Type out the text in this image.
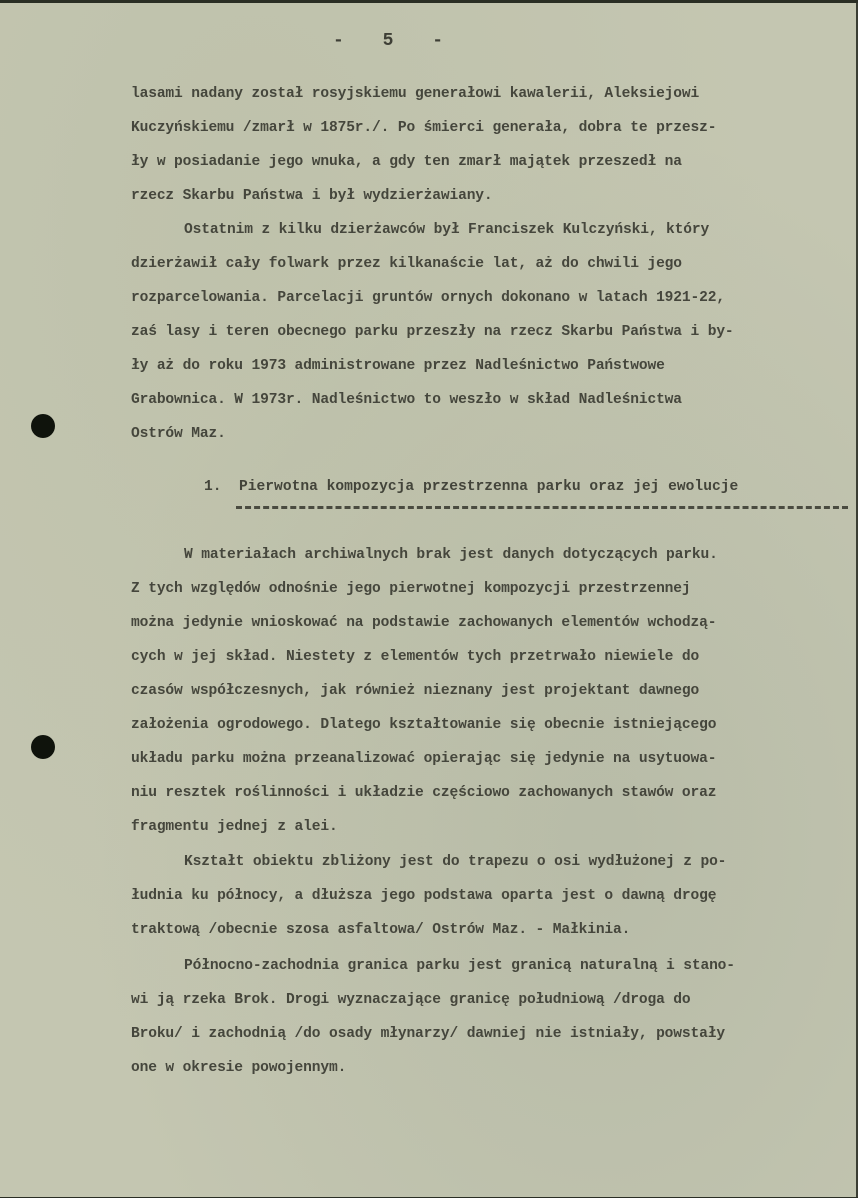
- 5 -
lasami nadany został rosyjskiemu generałowi kawalerii, Aleksiejowi
Kuczyńskiemu /zmarł w 1875r./. Po śmierci generała, dobra te przesz-
ły w posiadanie jego wnuka, a gdy ten zmarł majątek przeszedł na
rzecz Skarbu Państwa i był wydzierżawiany.
Ostatnim z kilku dzierżawców był Franciszek Kulczyński, który
dzierżawił cały folwark przez kilkanaście lat, aż do chwili jego
rozparcelowania. Parcelacji gruntów ornych dokonano w latach 1921-22,
zaś lasy i teren obecnego parku przeszły na rzecz Skarbu Państwa i by-
ły aż do roku 1973 administrowane przez Nadleśnictwo Państwowe
Grabownica. W 1973r. Nadleśnictwo to weszło w skład Nadleśnictwa
Ostrów Maz.
1.  Pierwotna kompozycja przestrzenna parku oraz jej ewolucje
W materiałach archiwalnych brak jest danych dotyczących parku.
Z tych względów odnośnie jego pierwotnej kompozycji przestrzennej
można jedynie wnioskować na podstawie zachowanych elementów wchodzą-
cych w jej skład. Niestety z elementów tych przetrwało niewiele do
czasów współczesnych, jak również nieznany jest projektant dawnego
założenia ogrodowego. Dlatego kształtowanie się obecnie istniejącego
układu parku można przeanalizować opierając się jedynie na usytuowa-
niu resztek roślinności i układzie częściowo zachowanych stawów oraz
fragmentu jednej z alei.
Kształt obiektu zbliżony jest do trapezu o osi wydłużonej z po-
łudnia ku północy, a dłuższa jego podstawa oparta jest o dawną drogę
traktową /obecnie szosa asfaltowa/ Ostrów Maz. - Małkinia.
Północno-zachodnia granica parku jest granicą naturalną i stano-
wi ją rzeka Brok. Drogi wyznaczające granicę południową /droga do
Broku/ i zachodnią /do osady młynarzy/ dawniej nie istniały, powstały
one w okresie powojennym.
